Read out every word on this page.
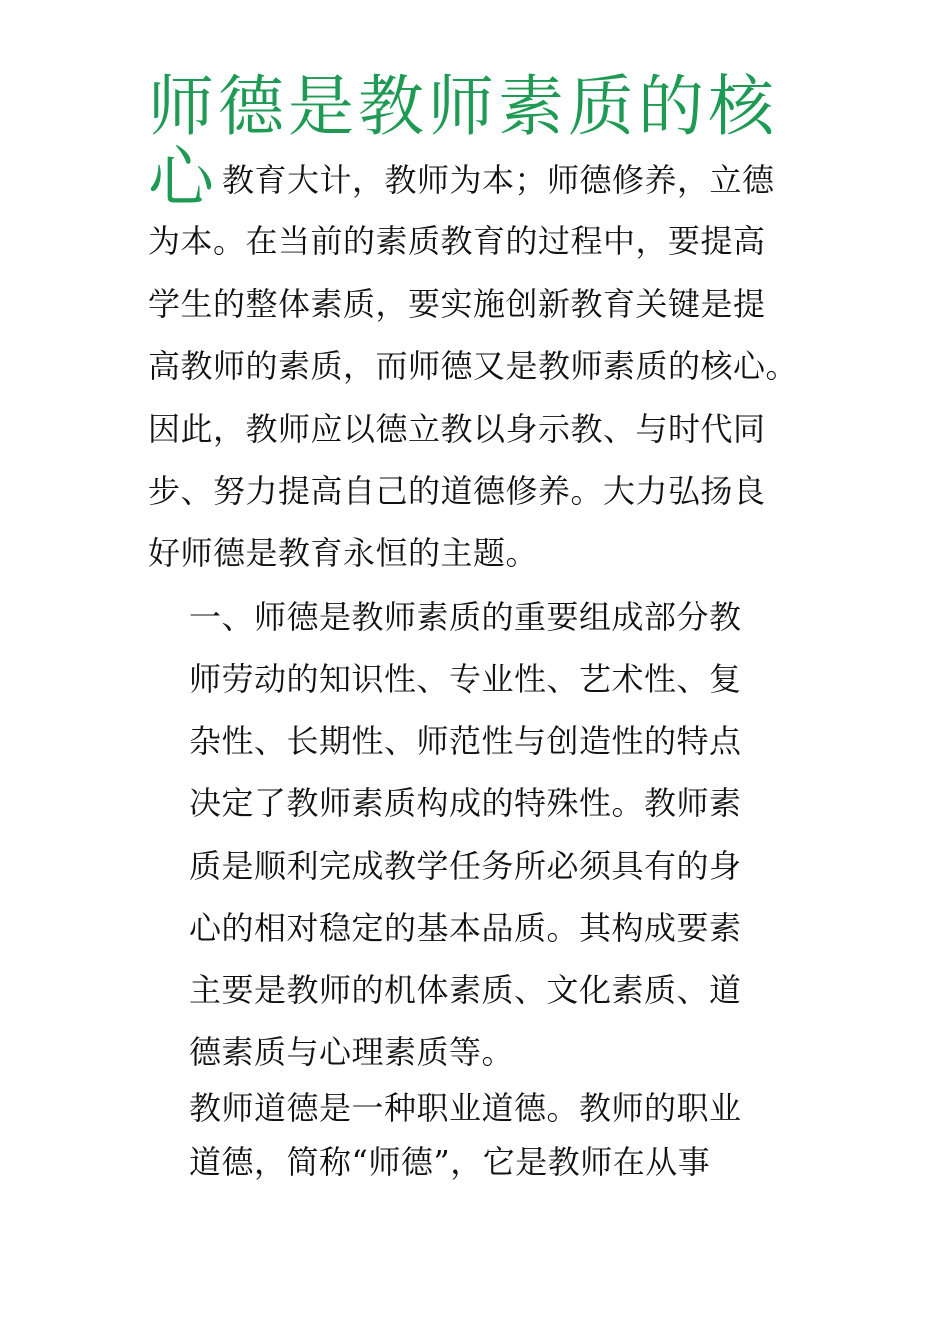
师德是教师素质的核
心 教育大计，教师为本；师德修养，立德
为本。在当前的素质教育的过程中，要提高
学生的整体素质，要实施创新教育关键是提
高教师的素质，而师德又是教师素质的核心。
因此，教师应以德立教以身示教、与时代同
步、努力提高自己的道德修养。大力弘扬良
好师德是教育永恒的主题。
一、师德是教师素质的重要组成部分教
师劳动的知识性、专业性、艺术性、复
杂性、长期性、师范性与创造性的特点
决定了教师素质构成的特殊性。教师素
质是顺利完成教学任务所必须具有的身
心的相对稳定的基本品质。其构成要素
主要是教师的机体素质、文化素质、道
德素质与心理素质等。
教师道德是一种职业道德。教师的职业
道德，简称“师德”，它是教师在从事
